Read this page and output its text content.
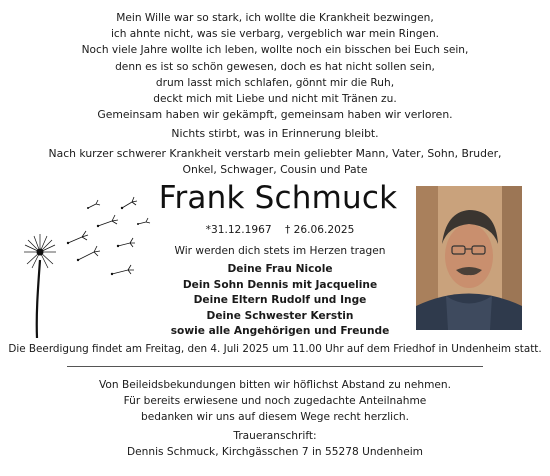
Mein Wille war so stark, ich wollte die Krankheit bezwingen,
ich ahnte nicht, was sie verbarg, vergeblich war mein Ringen.
Noch viele Jahre wollte ich leben, wollte noch ein bisschen bei Euch sein,
denn es ist so schön gewesen, doch es hat nicht sollen sein,
drum lasst mich schlafen, gönnt mir die Ruh,
deckt mich mit Liebe und nicht mit Tränen zu.
Gemeinsam haben wir gekämpft, gemeinsam haben wir verloren.
Nichts stirbt, was in Erinnerung bleibt.
Nach kurzer schwerer Krankheit verstarb mein geliebter Mann, Vater, Sohn, Bruder,
Onkel, Schwager, Cousin und Pate
Frank Schmuck
*31.12.1967 † 26.06.2025
Wir werden dich stets im Herzen tragen
Deine Frau Nicole
Dein Sohn Dennis mit Jacqueline
Deine Eltern Rudolf und Inge
Deine Schwester Kerstin
sowie alle Angehörigen und Freunde
Die Beerdigung findet am Freitag, den 4. Juli 2025 um 11.00 Uhr auf dem Friedhof in Undenheim statt.
Von Beileidsbekundungen bitten wir höflichst Abstand zu nehmen.
Für bereits erwiesene und noch zugedachte Anteilnahme
bedanken wir uns auf diesem Wege recht herzlich.
Traueranschrift:
Dennis Schmuck, Kirchgässchen 7 in 55278 Undenheim
